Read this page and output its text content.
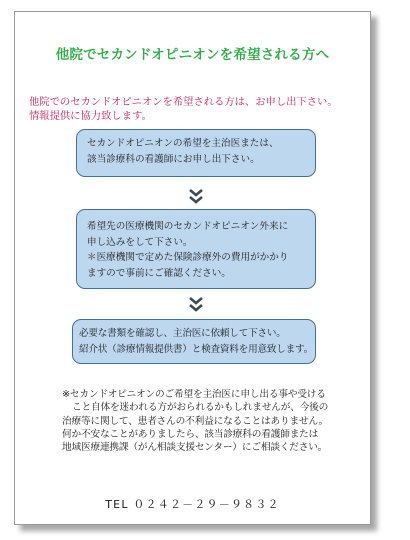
他院でセカンドオピニオンを希望される方へ
他院でのセカンドオピニオンを希望される方は、お申し出下さい。
情報提供に協力致します。

セカンドオピニオンの希望を主治医または、

該当診療科の看護師にお申し出下さい。

希望先の医療機関のセカンドオピニオン外来に

申し込みをして下さい。

＊医療機関で定めた保険診療外の費用がかかり

ますので事前にご確認ください。

必要な書類を確認し、主治医に依頼して下さい。

紹介状（診療情報提供書）と検査資料を用意致します。

※セカンドオピニオンのご希望を主治医に申し出る事や受ける

こと自体を迷われる方がおられるかもしれませんが、今後の

治療等に関して、患者さんの不利益になることはありません。

何か不安なことがありましたら、該当診療科の看護師または

地域医療連携課（がん相談支援センター）にご相談ください。

TEL ０２４２－２９－９８３２
